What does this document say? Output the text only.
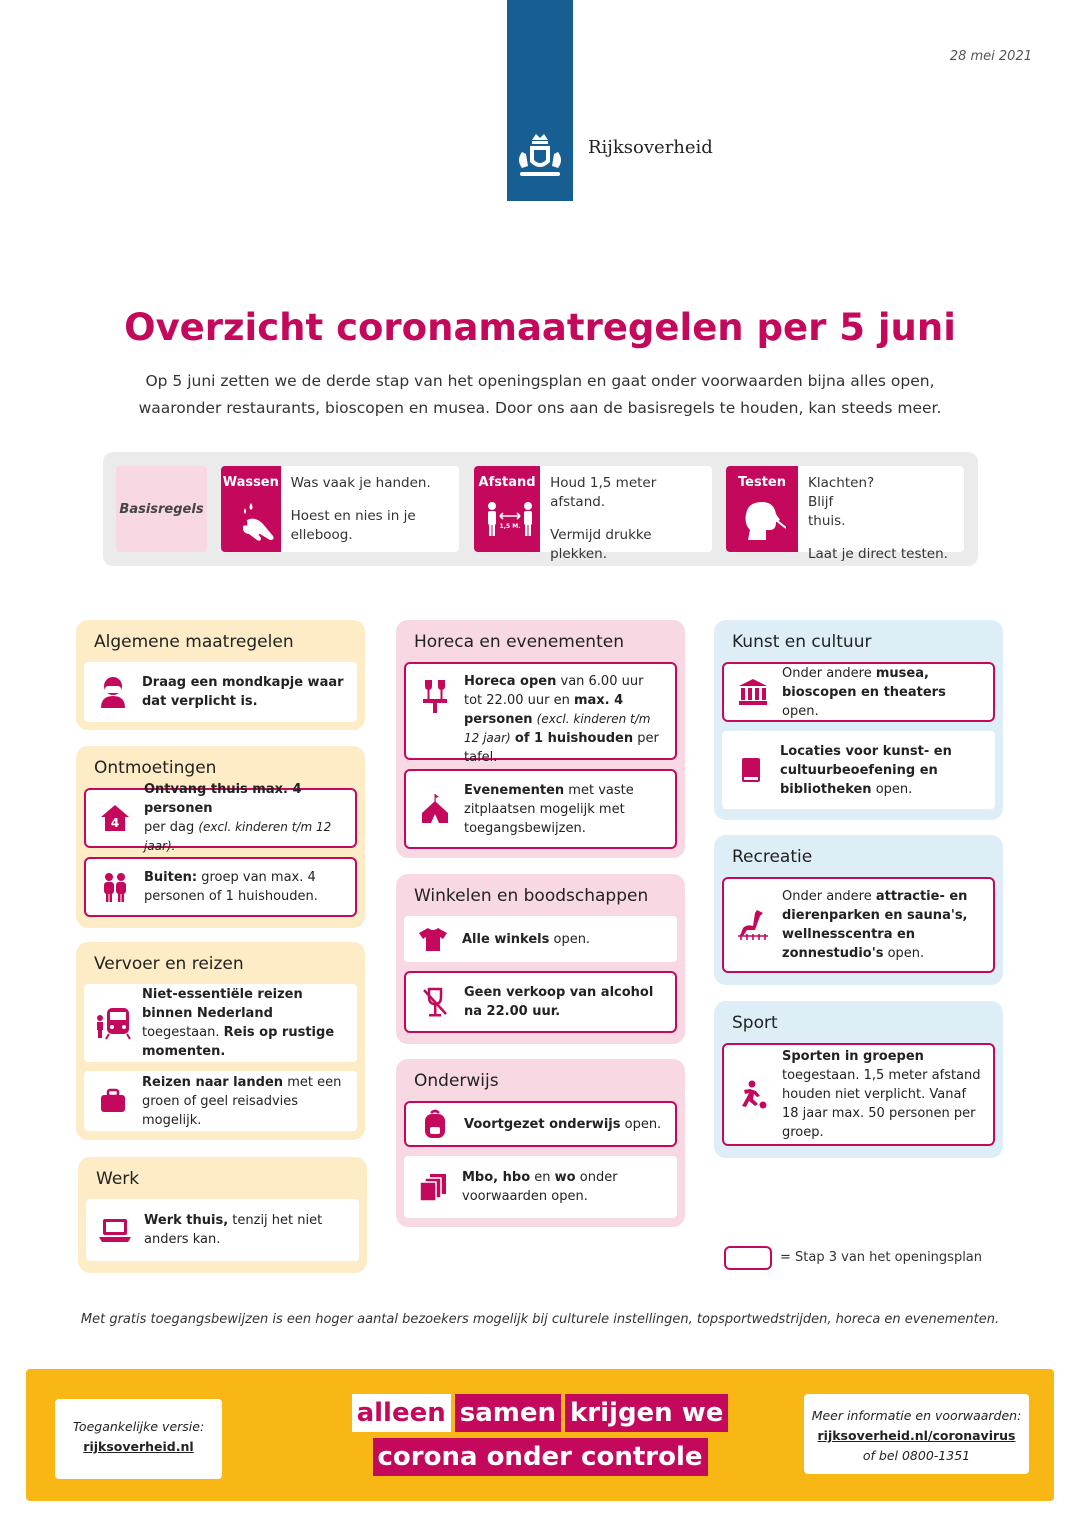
Rijksoverheid
28 mei 2021
Overzicht coronamaatregelen per 5 juni

Op 5 juni zetten we de derde stap van het openingsplan en gaat onder voorwaarden bijna alles open, waaronder restaurants, bioscopen en musea. Door ons aan de basisregels te houden, kan steeds meer.

Basisregels
Wassen Was vaak je handen.

Hoest en nies in je elleboog.

Afstand
1,5 M.

Houd 1,5 meter afstand.

Vermijd drukke plekken.

Testen	Klachten? Blijf thuis.

Laat je direct testen.

Algemene maatregelen
Draag een mondkapje waar dat verplicht is.
Ontmoetingen
4
Ontvang thuis max. 4 personen
per dag (excl. kinderen t/m 12 jaar).
Buiten: groep van max. 4 personen of 1 huishouden.
Vervoer en reizen
Niet-essentiële reizen binnen Nederland toegestaan. Reis op rustige momenten.
Reizen naar landen met een groen of geel reisadvies mogelijk.
Werk
Werk thuis, tenzij het niet anders kan.
Horeca en evenementen
Horeca open van 6.00 uur tot 22.00 uur en max. 4 personen (excl. kinderen t/m 12 jaar) of 1 huishouden per tafel.
Evenementen met vaste zitplaatsen mogelijk met toegangsbewijzen.
Winkelen en boodschappen
Alle winkels open.
Geen verkoop van alcohol na 22.00 uur.
Onderwijs
Voortgezet onderwijs open.
Mbo, hbo en wo onder voorwaarden open.
Kunst en cultuur
Onder andere musea, bioscopen en theaters open.
Locaties voor kunst- en cultuurbeoefening en bibliotheken open.
Recreatie
Onder andere attractie- en dierenparken en sauna's, wellnesscentra en zonnestudio's open.
Sport
Sporten in groepen toegestaan. 1,5 meter afstand houden niet verplicht. Vanaf 18 jaar max. 50 personen per groep.
= Stap 3 van het openingsplan

Met gratis toegangsbewijzen is een hoger aantal bezoekers mogelijk bij culturele instellingen, topsportwedstrijden, horeca en evenementen.

Toegankelijke versie:
rijksoverheid.nl
alleen samen krijgen we
corona onder controle
Meer informatie en voorwaarden:
rijksoverheid.nl/coronavirus
of bel 0800-1351
